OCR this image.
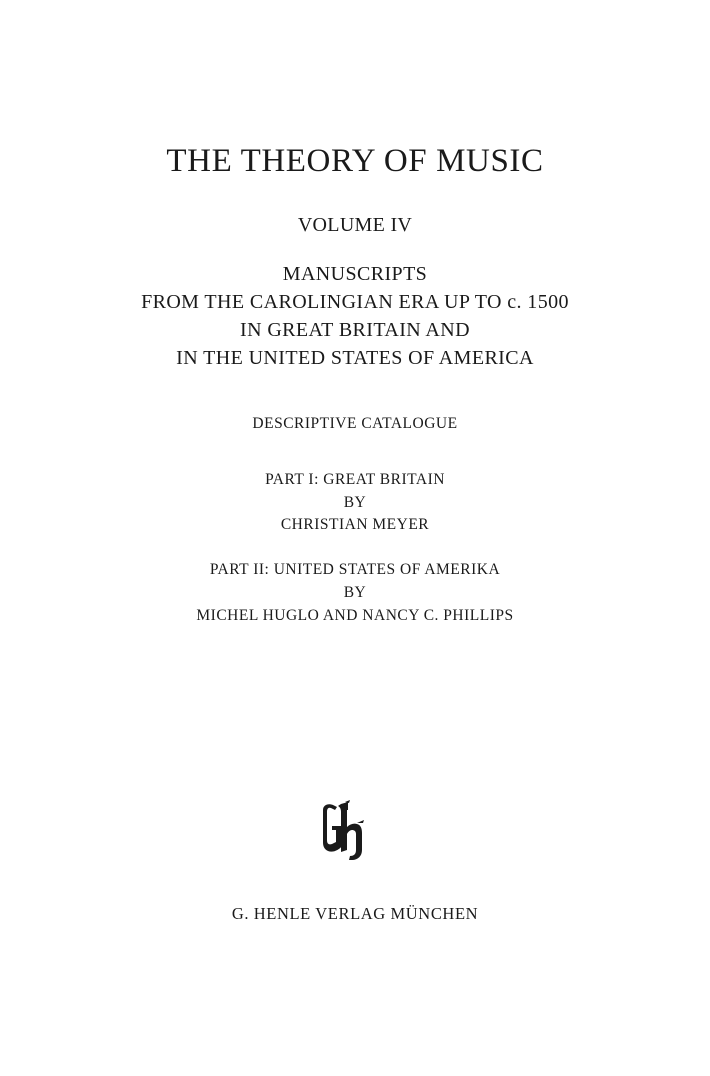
THE THEORY OF MUSIC
VOLUME IV
MANUSCRIPTS
FROM THE CAROLINGIAN ERA UP TO c. 1500
IN GREAT BRITAIN AND
IN THE UNITED STATES OF AMERICA
DESCRIPTIVE CATALOGUE
PART I: GREAT BRITAIN
BY
CHRISTIAN MEYER
PART II: UNITED STATES OF AMERIKA
BY
MICHEL HUGLO AND NANCY C. PHILLIPS
G. HENLE VERLAG MÜNCHEN
